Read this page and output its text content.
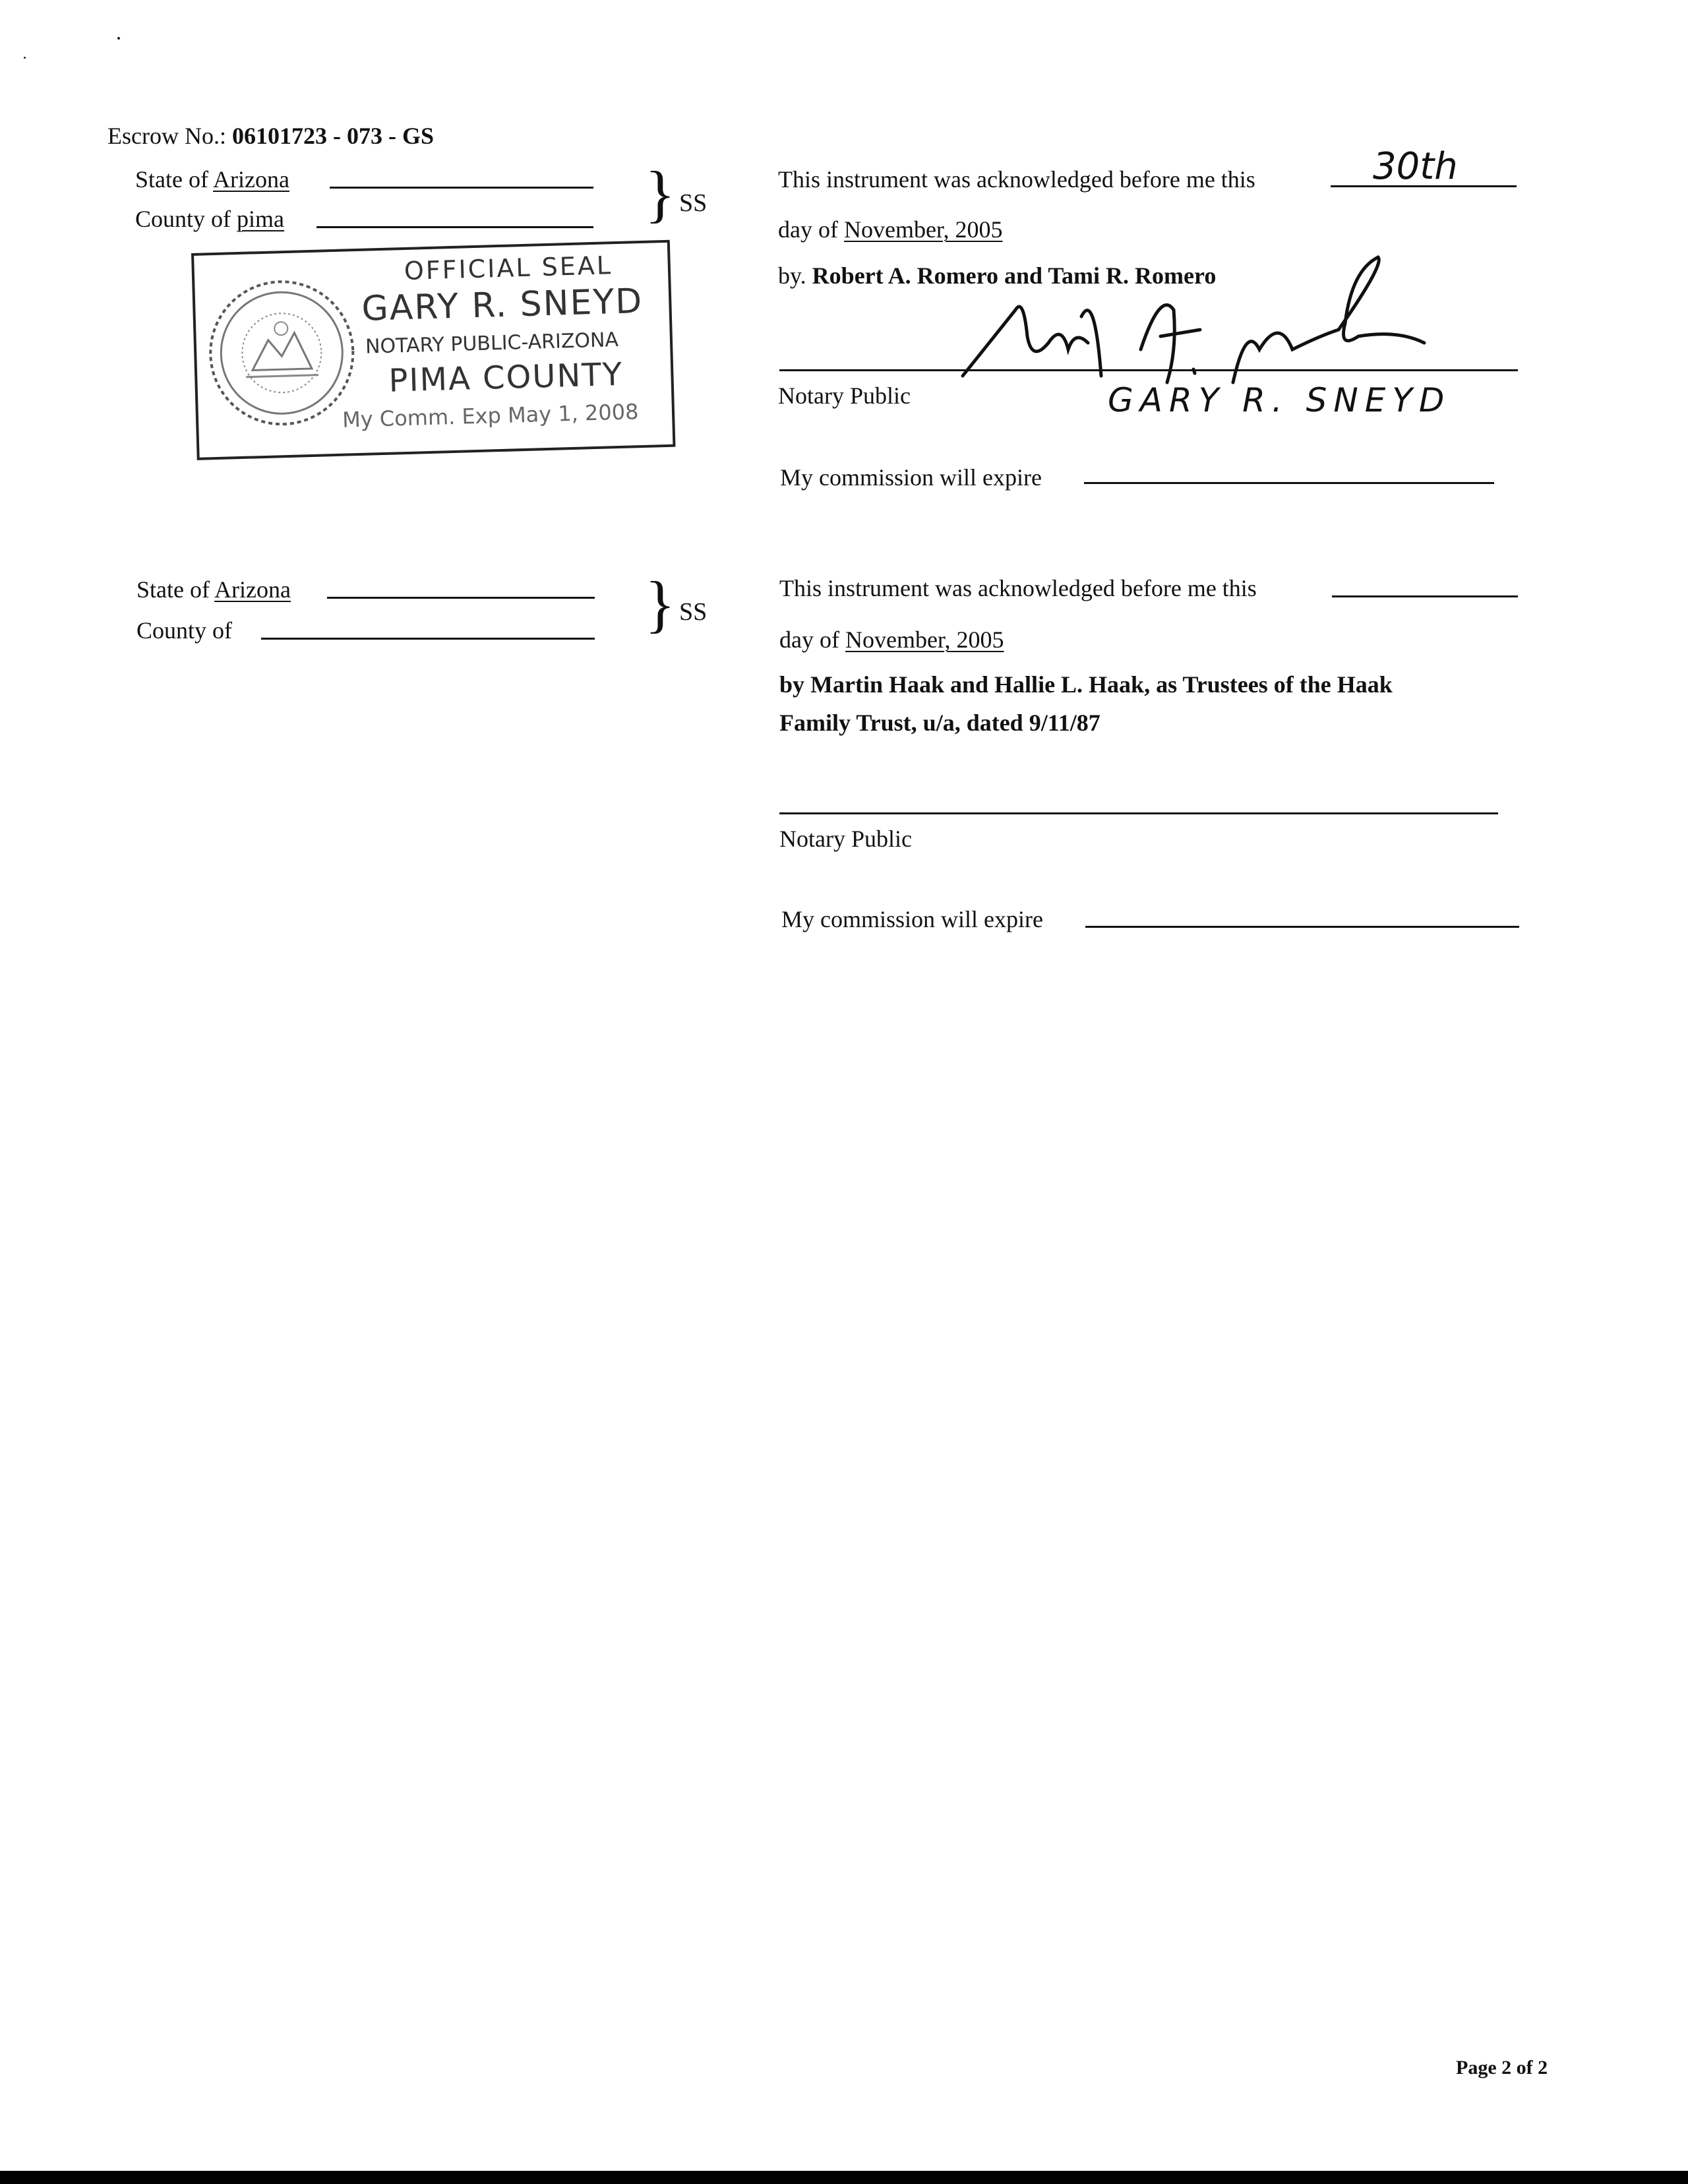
Escrow No.: 06101723 - 073 - GS
State of Arizona
County of pima	} SS
OFFICIAL SEAL
GARY R. SNEYD
NOTARY PUBLIC-ARIZONA
PIMA COUNTY
My Comm. Exp May 1, 2008
This instrument was acknowledged before me this	30th
day of November, 2005
by. Robert A. Romero and Tami R. Romero
Notary Public	GARY R. SNEYD
My commission will expire
State of Arizona
County of	} SS
This instrument was acknowledged before me this
day of November, 2005
by Martin Haak and Hallie L. Haak, as Trustees of the Haak
Family Trust, u/a, dated 9/11/87
Notary Public
My commission will expire
Page 2 of 2
